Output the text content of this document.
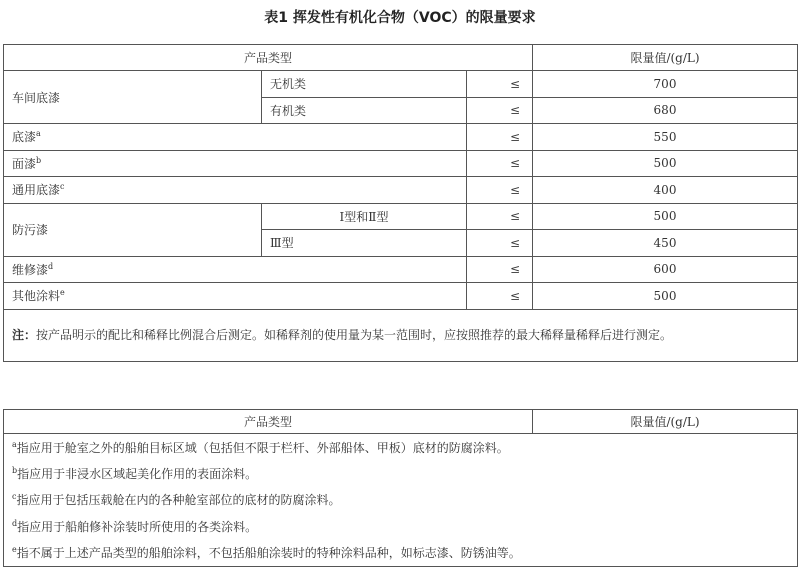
表1 挥发性有机化合物（VOC）的限量要求
产品类型			限量值/(g/L)
车间底漆	无机类	≤	700
	有机类	≤	680
底漆$^a$		≤	550
面漆$^b$		≤	500
通用底漆$^c$		≤	400
防污漆	Ⅰ型和Ⅱ型	≤	500
	Ⅲ型	≤	450
维修漆$^d$		≤	600
其他涂料$^e$		≤	500
注：按产品明示的配比和稀释比例混合后测定。如稀释剂的使用量为某一范围时，应按照推荐的最大稀释量稀释后进行测定。			
产品类型	限量值/(g/L)
$^a$指应用于舱室之外的船舶目标区域（包括但不限于栏杆、外部船体、甲板）底材的防腐涂料。
$^b$指应用于非浸水区域起美化作用的表面涂料。
$^c$指应用于包括压载舱在内的各种舱室部位的底材的防腐涂料。
$^d$指应用于船舶修补涂装时所使用的各类涂料。
$^e$指不属于上述产品类型的船舶涂料，不包括船舶涂装时的特种涂料品种，如标志漆、防锈油等。
